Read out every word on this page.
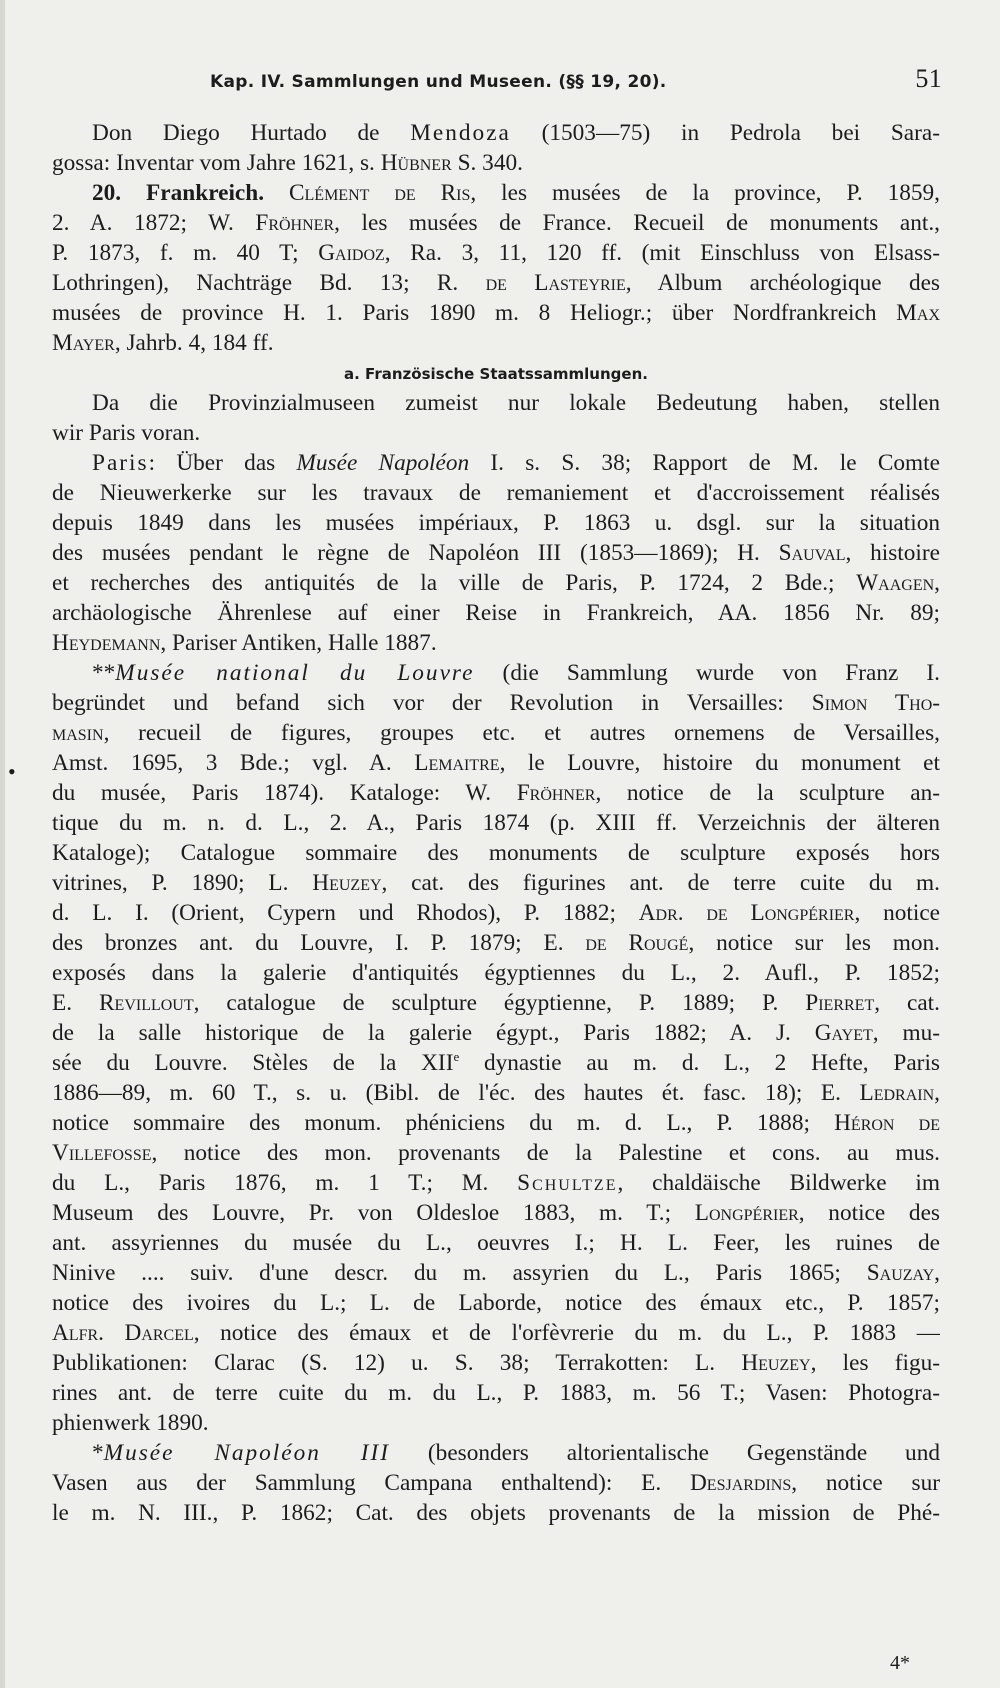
Kap. IV. Sammlungen und Museen. (§§ 19, 20).	51
•
Don Diego Hurtado de Mendoza (1503—75) in Pedrola bei Sara-
gossa: Inventar vom Jahre 1621, s. Hübner S. 340.
20. Frankreich. Clément de Ris, les musées de la province, P. 1859,
2. A. 1872; W. Fröhner, les musées de France. Recueil de monuments ant.,
P. 1873, f. m. 40 T; Gaidoz, Ra. 3, 11, 120 ff. (mit Einschluss von Elsass-
Lothringen), Nachträge Bd. 13; R. de Lasteyrie, Album archéologique des
musées de province H. 1. Paris 1890 m. 8 Heliogr.; über Nordfrankreich Max
Mayer, Jahrb. 4, 184 ff.
a. Französische Staatssammlungen.
Da die Provinzialmuseen zumeist nur lokale Bedeutung haben, stellen
wir Paris voran.
Paris: Über das Musée Napoléon I. s. S. 38; Rapport de M. le Comte
de Nieuwerkerke sur les travaux de remaniement et d'accroissement réalisés
depuis 1849 dans les musées impériaux, P. 1863 u. dsgl. sur la situation
des musées pendant le règne de Napoléon III (1853—1869); H. Sauval, histoire
et recherches des antiquités de la ville de Paris, P. 1724, 2 Bde.; Waagen,
archäologische Ährenlese auf einer Reise in Frankreich, AA. 1856 Nr. 89;
Heydemann, Pariser Antiken, Halle 1887.
**Musée national du Louvre (die Sammlung wurde von Franz I.
begründet und befand sich vor der Revolution in Versailles: Simon Tho-
masin, recueil de figures, groupes etc. et autres ornemens de Versailles,
Amst. 1695, 3 Bde.; vgl. A. Lemaitre, le Louvre, histoire du monument et
du musée, Paris 1874). Kataloge: W. Fröhner, notice de la sculpture an-
tique du m. n. d. L., 2. A., Paris 1874 (p. XIII ff. Verzeichnis der älteren
Kataloge); Catalogue sommaire des monuments de sculpture exposés hors
vitrines, P. 1890; L. Heuzey, cat. des figurines ant. de terre cuite du m.
d. L. I. (Orient, Cypern und Rhodos), P. 1882; Adr. de Longpérier, notice
des bronzes ant. du Louvre, I. P. 1879; E. de Rougé, notice sur les mon.
exposés dans la galerie d'antiquités égyptiennes du L., 2. Aufl., P. 1852;
E. Revillout, catalogue de sculpture égyptienne, P. 1889; P. Pierret, cat.
de la salle historique de la galerie égypt., Paris 1882; A. J. Gayet, mu-
sée du Louvre. Stèles de la XIIe dynastie au m. d. L., 2 Hefte, Paris
1886—89, m. 60 T., s. u. (Bibl. de l'éc. des hautes ét. fasc. 18); E. Ledrain,
notice sommaire des monum. phéniciens du m. d. L., P. 1888; Héron de
Villefosse, notice des mon. provenants de la Palestine et cons. au mus.
du L., Paris 1876, m. 1 T.; M. Schultze, chaldäische Bildwerke im
Museum des Louvre, Pr. von Oldesloe 1883, m. T.; Longpérier, notice des
ant. assyriennes du musée du L., oeuvres I.; H. L. Feer, les ruines de
Ninive .... suiv. d'une descr. du m. assyrien du L., Paris 1865; Sauzay,
notice des ivoires du L.; L. de Laborde, notice des émaux etc., P. 1857;
Alfr. Darcel, notice des émaux et de l'orfèvrerie du m. du L., P. 1883 —
Publikationen: Clarac (S. 12) u. S. 38; Terrakotten: L. Heuzey, les figu-
rines ant. de terre cuite du m. du L., P. 1883, m. 56 T.; Vasen: Photogra-
phienwerk 1890.
*Musée Napoléon III (besonders altorientalische Gegenstände und
Vasen aus der Sammlung Campana enthaltend): E. Desjardins, notice sur
le m. N. III., P. 1862; Cat. des objets provenants de la mission de Phé-
4*
